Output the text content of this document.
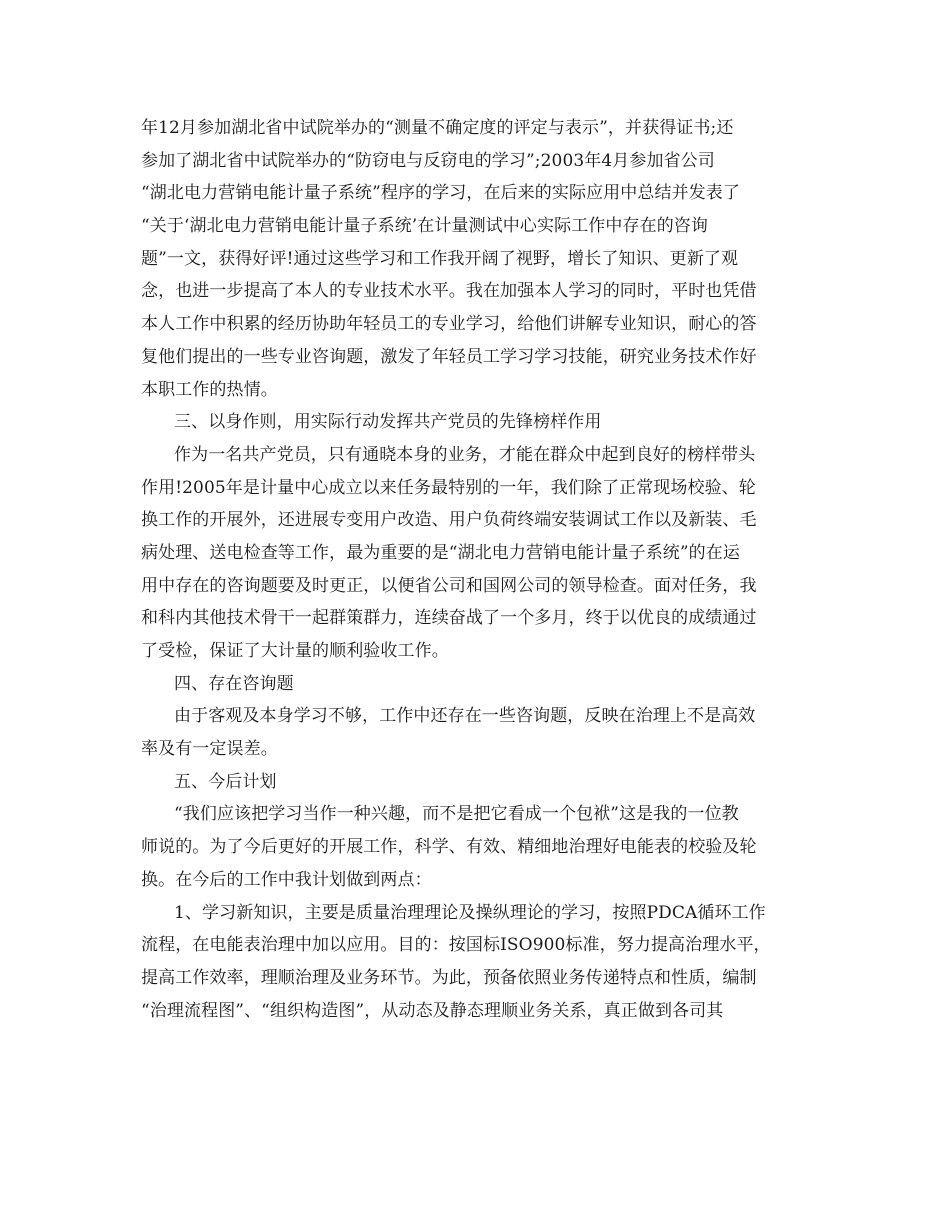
年12月参加湖北省中试院举办的“测量不确定度的评定与表示”，并获得证书;还
参加了湖北省中试院举办的“防窃电与反窃电的学习”;2003年4月参加省公司
“湖北电力营销电能计量子系统”程序的学习，在后来的实际应用中总结并发表了
“关于‘湖北电力营销电能计量子系统’在计量测试中心实际工作中存在的咨询
题”一文，获得好评!通过这些学习和工作我开阔了视野，增长了知识、更新了观
念，也进一步提高了本人的专业技术水平。我在加强本人学习的同时，平时也凭借
本人工作中积累的经历协助年轻员工的专业学习，给他们讲解专业知识，耐心的答
复他们提出的一些专业咨询题，激发了年轻员工学习学习技能，研究业务技术作好
本职工作的热情。
三、以身作则，用实际行动发挥共产党员的先锋榜样作用
作为一名共产党员，只有通晓本身的业务，才能在群众中起到良好的榜样带头
作用!2005年是计量中心成立以来任务最特别的一年，我们除了正常现场校验、轮
换工作的开展外，还进展专变用户改造、用户负荷终端安装调试工作以及新装、毛
病处理、送电检查等工作，最为重要的是“湖北电力营销电能计量子系统”的在运
用中存在的咨询题要及时更正，以便省公司和国网公司的领导检查。面对任务，我
和科内其他技术骨干一起群策群力，连续奋战了一个多月，终于以优良的成绩通过
了受检，保证了大计量的顺利验收工作。
四、存在咨询题
由于客观及本身学习不够，工作中还存在一些咨询题，反映在治理上不是高效
率及有一定误差。
五、今后计划
“我们应该把学习当作一种兴趣，而不是把它看成一个包袱”这是我的一位教
师说的。为了今后更好的开展工作，科学、有效、精细地治理好电能表的校验及轮
换。在今后的工作中我计划做到两点：
1、学习新知识，主要是质量治理理论及操纵理论的学习，按照PDCA循环工作
流程，在电能表治理中加以应用。目的：按国标ISO900标准，努力提高治理水平，
提高工作效率，理顺治理及业务环节。为此，预备依照业务传递特点和性质，编制
“治理流程图”、“组织构造图”，从动态及静态理顺业务关系，真正做到各司其
